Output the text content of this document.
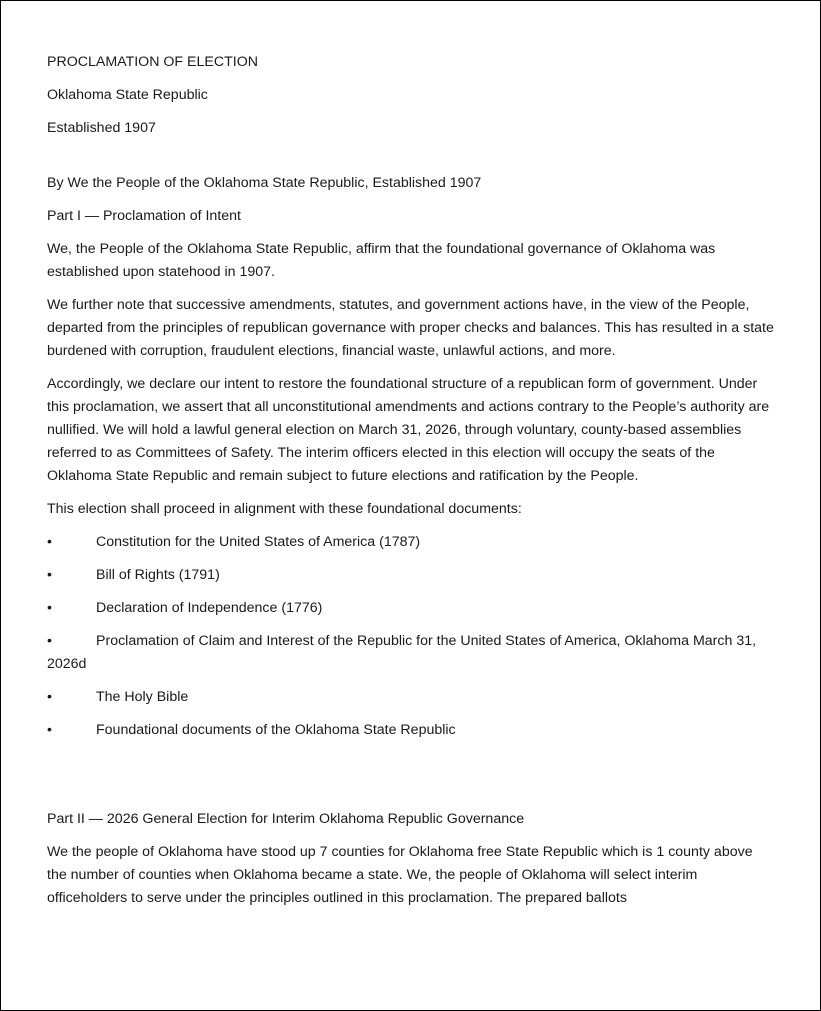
PROCLAMATION OF ELECTION

Oklahoma State Republic

Established 1907

By We the People of the Oklahoma State Republic, Established 1907

Part I — Proclamation of Intent

We, the People of the Oklahoma State Republic, affirm that the foundational governance of Oklahoma was established upon statehood in 1907.

We further note that successive amendments, statutes, and government actions have, in the view of the People, departed from the principles of republican governance with proper checks and balances. This has resulted in a state burdened with corruption, fraudulent elections, financial waste, unlawful actions, and more.

Accordingly, we declare our intent to restore the foundational structure of a republican form of government. Under this proclamation, we assert that all unconstitutional amendments and actions contrary to the People’s authority are nullified. We will hold a lawful general election on March 31, 2026, through voluntary, county-based assemblies referred to as Committees of Safety. The interim officers elected in this election will occupy the seats of the Oklahoma State Republic and remain subject to future elections and ratification by the People.

This election shall proceed in alignment with these foundational documents:

•	Constitution for the United States of America (1787)
•	Bill of Rights (1791)
•	Declaration of Independence (1776)
•	Proclamation of Claim and Interest of the Republic for the United States of America, Oklahoma March 31, 2026d
•	The Holy Bible
•	Foundational documents of the Oklahoma State Republic

Part II — 2026 General Election for Interim Oklahoma Republic Governance

We the people of Oklahoma have stood up 7 counties for Oklahoma free State Republic which is 1 county above the number of counties when Oklahoma became a state. We, the people of Oklahoma will select interim officeholders to serve under the principles outlined in this proclamation. The prepared ballots
